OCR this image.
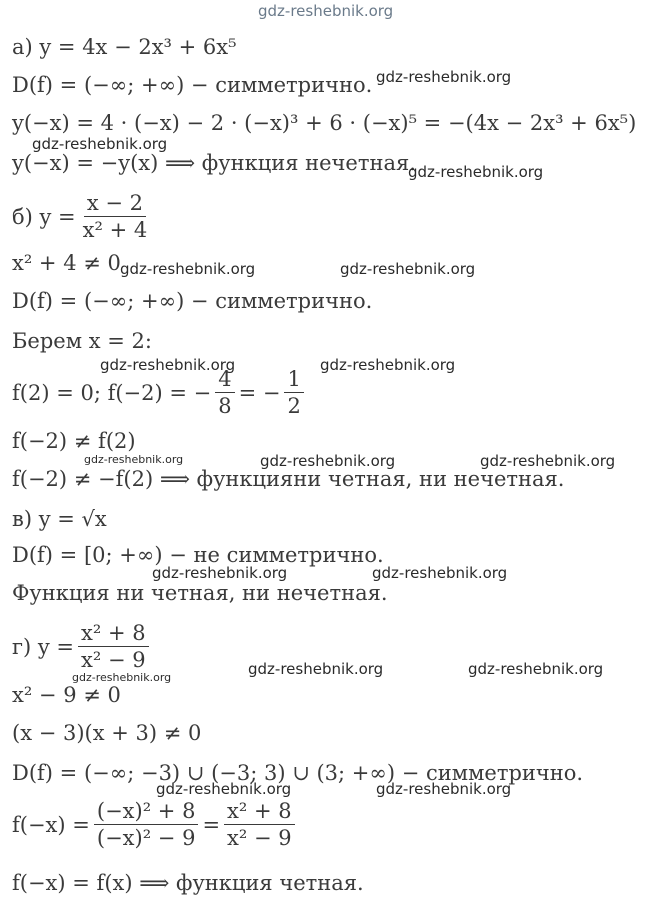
а) y = 4x − 2x³ + 6x⁵
D(f) = (−∞; +∞) − симметрично.
y(−x) = 4 · (−x) − 2 · (−x)³ + 6 · (−x)⁵ = −(4x − 2x³ + 6x⁵)
y(−x) = −y(x) ⟹ функция нечетная.
б) $y = \frac{x - 2}{\text{x² + 4}}$
x² + 4 ≠ 0
D(f) = (−∞; +∞) − симметрично.
Берем x = 2:
f(2) = 0; f(−2) = − $\frac{4}{8}$ = − $\frac{1}{2}$
f(−2) ≠ f(2)
f(−2) ≠ −f(2) ⟹ функцияни четная, ни нечетная.
в) y = √x
D(f) = [0; +∞) − не симметрично.
Функция ни четная, ни нечетная.
г) $y = \frac{\text{x² + 8}}{\text{x² − 9}}$
x² − 9 ≠ 0
(x − 3)(x + 3) ≠ 0
D(f) = (−∞; −3) ∪ (−3; 3) ∪ (3; +∞) − симметрично.
$f(-x) = \frac{\text{(−x)² + 8}}{\text{(−x)² − 9}} = \frac{\text{x² + 8}}{\text{x² − 9}}$
f(−x) = f(x) ⟹ функция четная.
gdz-reshebnik.org
gdz-reshebnik.org
gdz-reshebnik.org
gdz-reshebnik.org
gdz-reshebnik.org	gdz-reshebnik.org
gdz-reshebnik.org	gdz-reshebnik.org
gdz-reshebnik.org	gdz-reshebnik.org	gdz-reshebnik.org
gdz-reshebnik.org	gdz-reshebnik.org
gdz-reshebnik.org	gdz-reshebnik.org
gdz-reshebnik.org
gdz-reshebnik.org	gdz-reshebnik.org
